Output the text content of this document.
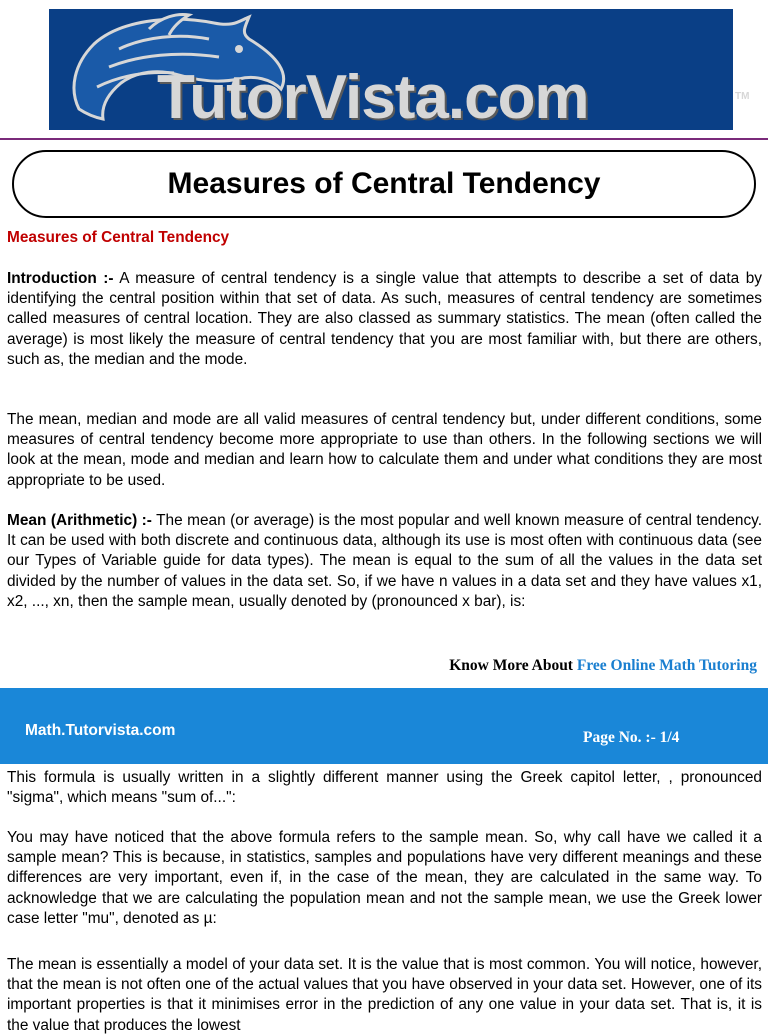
TutorVista.com	TM
Measures of Central Tendency
Measures of Central Tendency

Introduction :- A measure of central tendency is a single value that attempts to describe a set of data by identifying the central position within that set of data. As such, measures of central tendency are sometimes called measures of central location. They are also classed as summary statistics. The mean (often called the average) is most likely the measure of central tendency that you are most familiar with, but there are others, such as, the median and the mode.

The mean, median and mode are all valid measures of central tendency but, under different conditions, some measures of central tendency become more appropriate to use than others. In the following sections we will look at the mean, mode and median and learn how to calculate them and under what conditions they are most appropriate to be used.

Mean (Arithmetic) :- The mean (or average) is the most popular and well known measure of central tendency. It can be used with both discrete and continuous data, although its use is most often with continuous data (see our Types of Variable guide for data types). The mean is equal to the sum of all the values in the data set divided by the number of values in the data set. So, if we have n values in a data set and they have values x1, x2, ..., xn, then the sample mean, usually denoted by (pronounced x bar), is:

Know More About Free Online Math Tutoring
Math.Tutorvista.com	Page No. :- 1/4

This formula is usually written in a slightly different manner using the Greek capitol letter, , pronounced "sigma", which means "sum of...":

You may have noticed that the above formula refers to the sample mean. So, why call have we called it a sample mean? This is because, in statistics, samples and populations have very different meanings and these differences are very important, even if, in the case of the mean, they are calculated in the same way. To acknowledge that we are calculating the population mean and not the sample mean, we use the Greek lower case letter "mu", denoted as µ:

The mean is essentially a model of your data set. It is the value that is most common. You will notice, however, that the mean is not often one of the actual values that you have observed in your data set. However, one of its important properties is that it minimises error in the prediction of any one value in your data set. That is, it is the value that produces the lowest
